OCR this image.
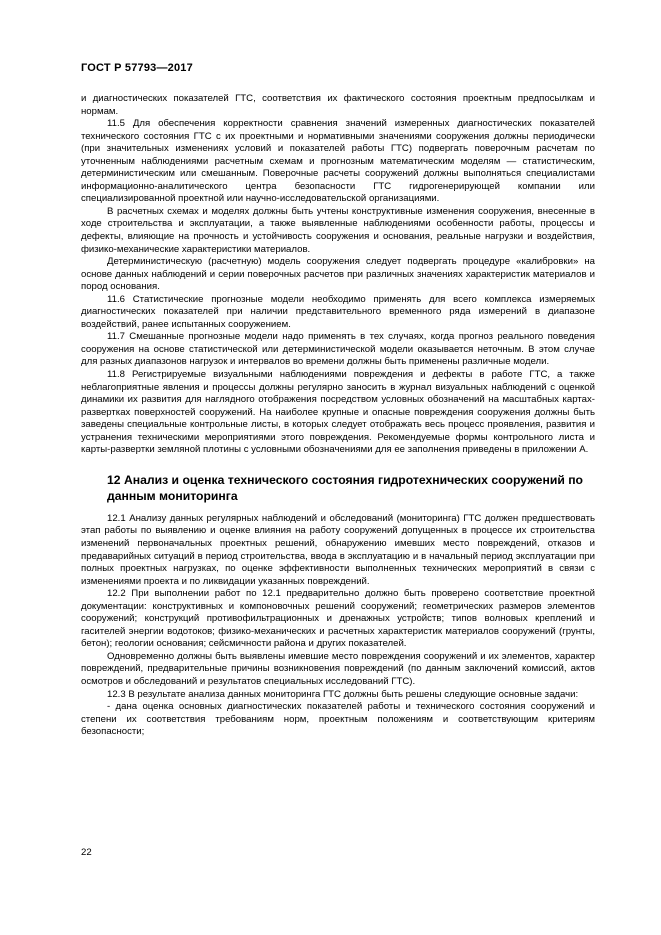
ГОСТ Р 57793—2017

и диагностических показателей ГТС, соответствия их фактического состояния проектным предпосылкам и нормам.

11.5 Для обеспечения корректности сравнения значений измеренных диагностических показателей технического состояния ГТС с их проектными и нормативными значениями сооружения должны периодически (при значительных изменениях условий и показателей работы ГТС) подвергать поверочным расчетам по уточненным наблюдениями расчетным схемам и прогнозным математическим моделям — статистическим, детерминистическим или смешанным. Поверочные расчеты сооружений должны выполняться специалистами информационно-аналитического центра безопасности ГТС гидрогенерирующей компании или специализированной проектной или научно-исследовательской организациями.

В расчетных схемах и моделях должны быть учтены конструктивные изменения сооружения, внесенные в ходе строительства и эксплуатации, а также выявленные наблюдениями особенности работы, процессы и дефекты, влияющие на прочность и устойчивость сооружения и основания, реальные нагрузки и воздействия, физико-механические характеристики материалов.

Детерминистическую (расчетную) модель сооружения следует подвергать процедуре «калибровки» на основе данных наблюдений и серии поверочных расчетов при различных значениях характеристик материалов и пород основания.

11.6 Статистические прогнозные модели необходимо применять для всего комплекса измеряемых диагностических показателей при наличии представительного временного ряда измерений в диапазоне воздействий, ранее испытанных сооружением.

11.7 Смешанные прогнозные модели надо применять в тех случаях, когда прогноз реального поведения сооружения на основе статистической или детерминистической модели оказывается неточным. В этом случае для разных диапазонов нагрузок и интервалов во времени должны быть применены различные модели.

11.8 Регистрируемые визуальными наблюдениями повреждения и дефекты в работе ГТС, а также неблагоприятные явления и процессы должны регулярно заносить в журнал визуальных наблюдений с оценкой динамики их развития для наглядного отображения посредством условных обозначений на масштабных картах-развертках поверхностей сооружений. На наиболее крупные и опасные повреждения сооружения должны быть заведены специальные контрольные листы, в которых следует отображать весь процесс проявления, развития и устранения техническими мероприятиями этого повреждения. Рекомендуемые формы контрольного листа и карты-развертки земляной плотины с условными обозначениями для ее заполнения приведены в приложении А.

12 Анализ и оценка технического состояния гидротехнических сооружений по данным мониторинга

12.1 Анализу данных регулярных наблюдений и обследований (мониторинга) ГТС должен предшествовать этап работы по выявлению и оценке влияния на работу сооружений допущенных в процессе их строительства изменений первоначальных проектных решений, обнаружению имевших место повреждений, отказов и предаварийных ситуаций в период строительства, ввода в эксплуатацию и в начальный период эксплуатации при полных проектных нагрузках, по оценке эффективности выполненных технических мероприятий в связи с изменениями проекта и по ликвидации указанных повреждений.

12.2 При выполнении работ по 12.1 предварительно должно быть проверено соответствие проектной документации: конструктивных и компоновочных решений сооружений; геометрических размеров элементов сооружений; конструкций противофильтрационных и дренажных устройств; типов волновых креплений и гасителей энергии водотоков; физико-механических и расчетных характеристик материалов сооружений (грунты, бетон); геологии основания; сейсмичности района и других показателей.

Одновременно должны быть выявлены имевшие место повреждения сооружений и их элементов, характер повреждений, предварительные причины возникновения повреждений (по данным заключений комиссий, актов осмотров и обследований и результатов специальных исследований ГТС).

12.3 В результате анализа данных мониторинга ГТС должны быть решены следующие основные задачи:

- дана оценка основных диагностических показателей работы и технического состояния сооружений и степени их соответствия требованиям норм, проектным положениям и соответствующим критериям безопасности;

22
